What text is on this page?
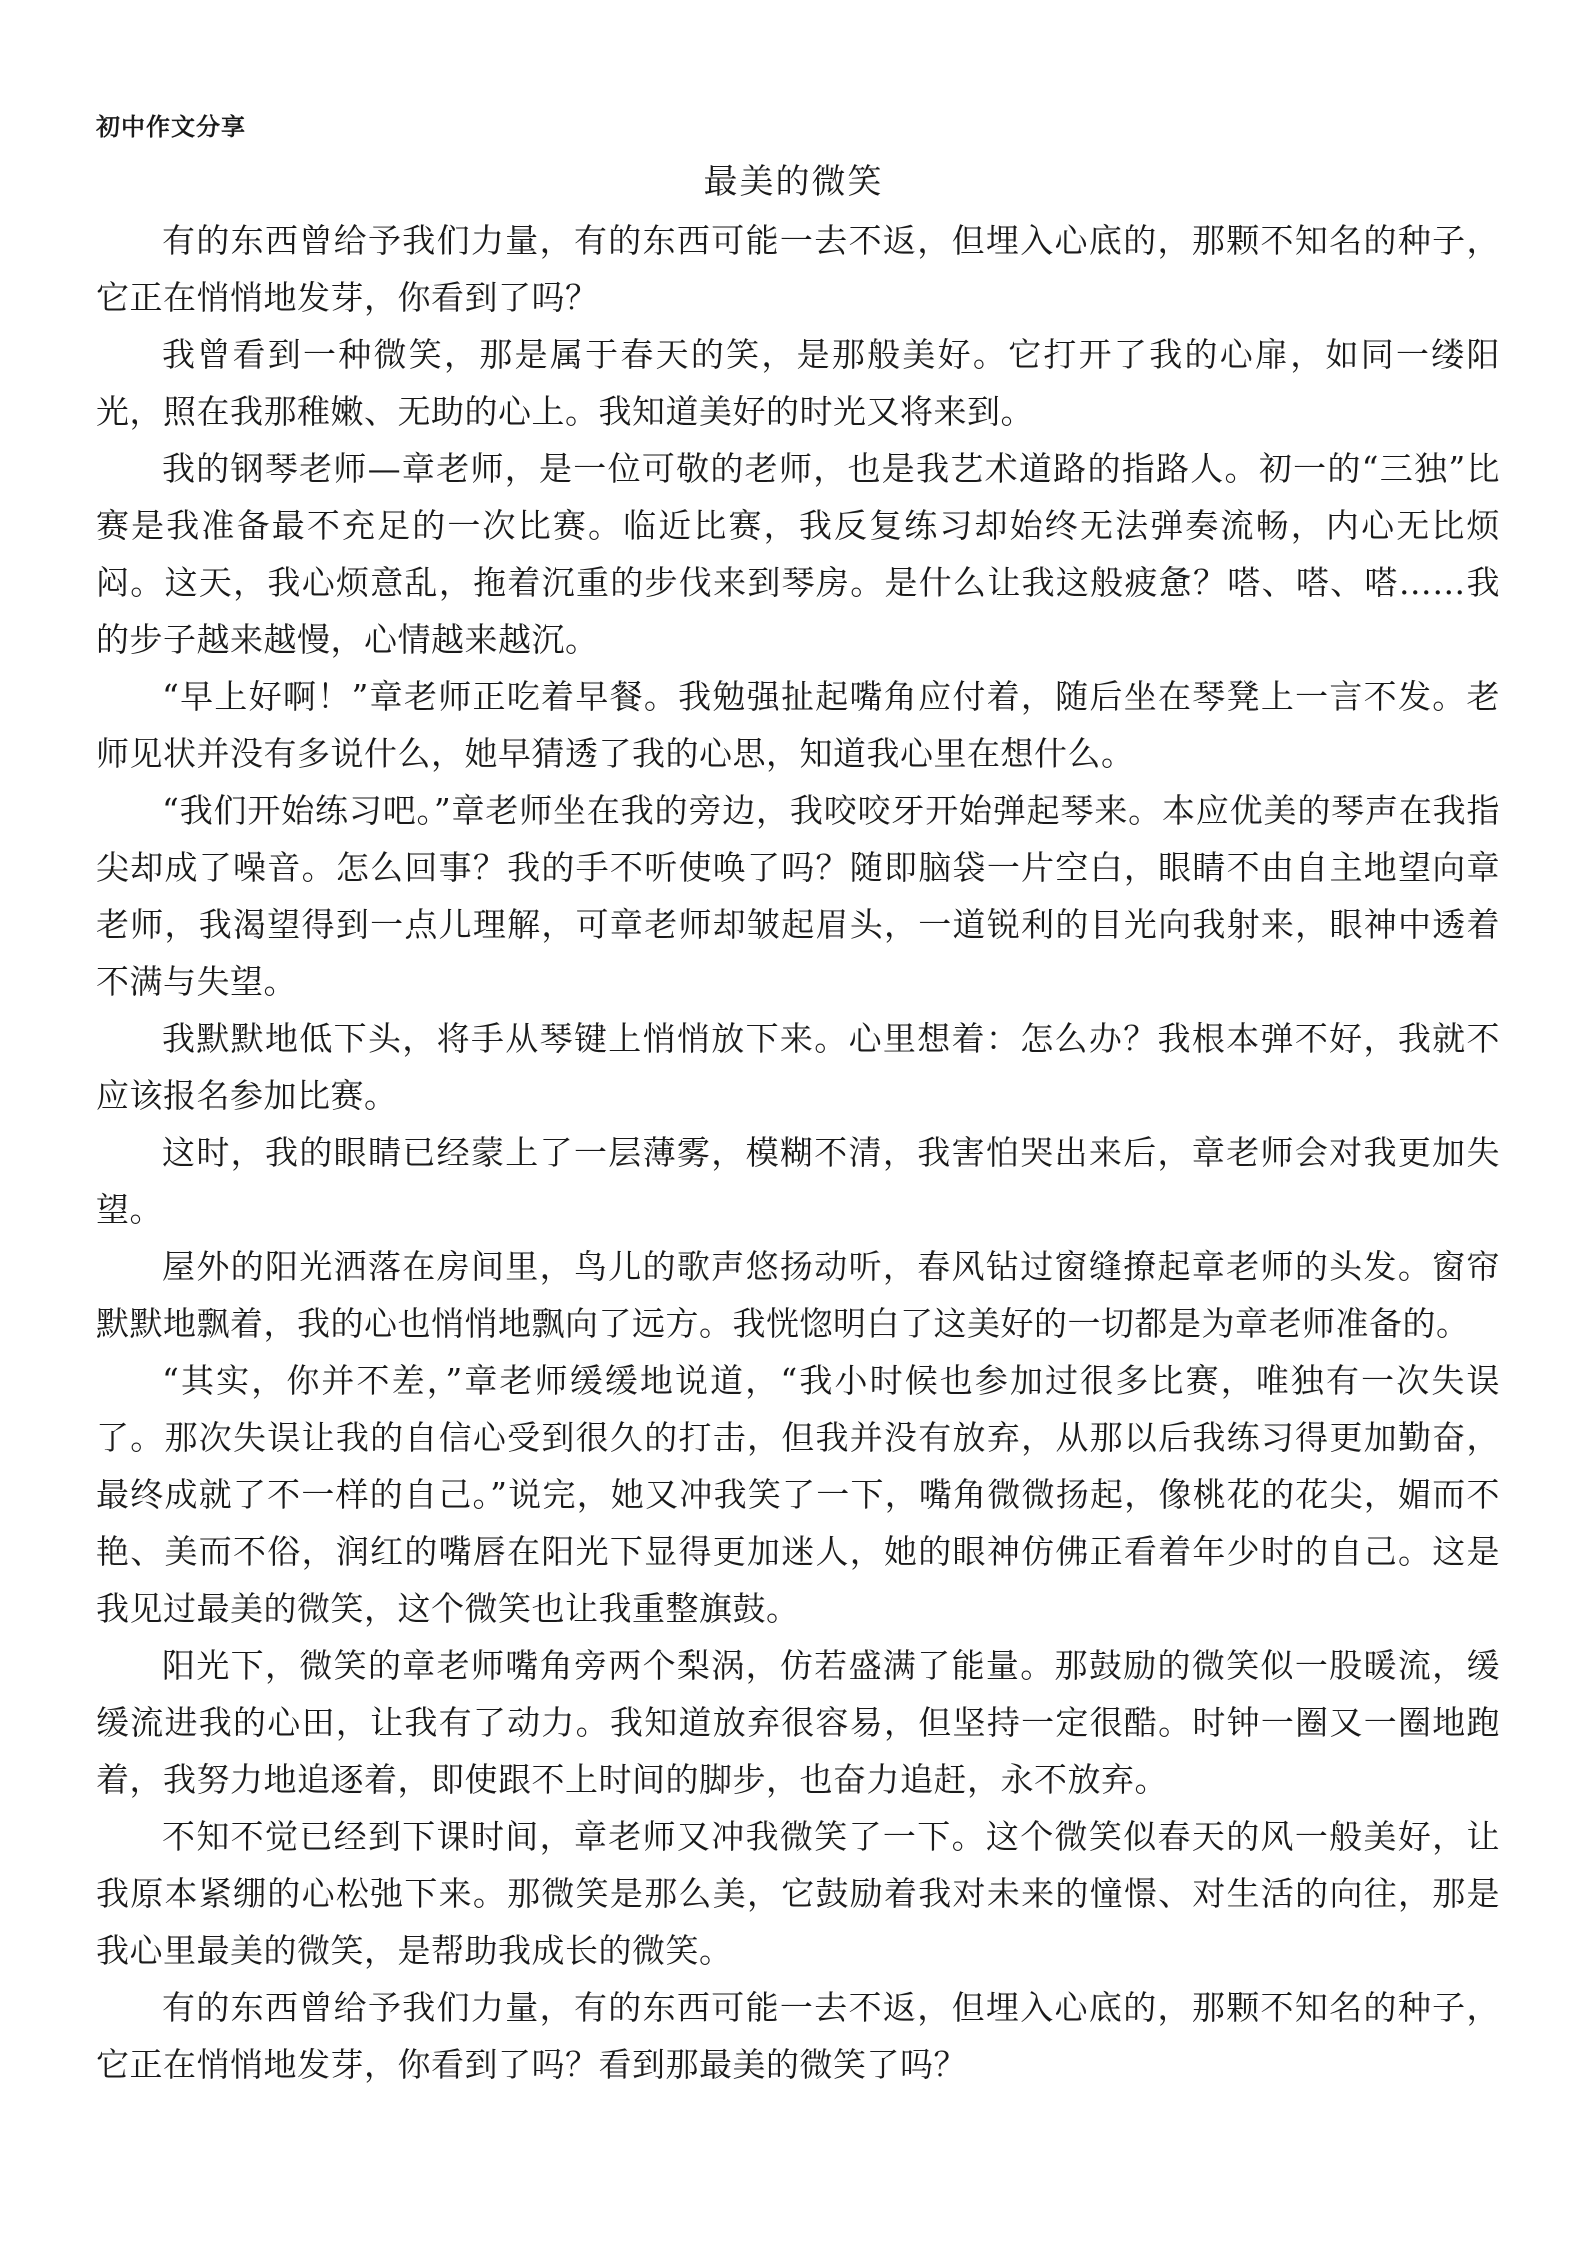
初中作文分享
最美的微笑

有的东西曾给予我们力量，有的东西可能一去不返，但埋入心底的，那颗不知名的种子，它正在悄悄地发芽，你看到了吗？

我曾看到一种微笑，那是属于春天的笑，是那般美好。它打开了我的心扉，如同一缕阳光，照在我那稚嫩、无助的心上。我知道美好的时光又将来到。

我的钢琴老师—章老师，是一位可敬的老师，也是我艺术道路的指路人。初一的“三独”比赛是我准备最不充足的一次比赛。临近比赛，我反复练习却始终无法弹奏流畅，内心无比烦闷。这天，我心烦意乱，拖着沉重的步伐来到琴房。是什么让我这般疲惫？嗒、嗒、嗒……我的步子越来越慢，心情越来越沉。

“早上好啊！”章老师正吃着早餐。我勉强扯起嘴角应付着，随后坐在琴凳上一言不发。老师见状并没有多说什么，她早猜透了我的心思，知道我心里在想什么。

“我们开始练习吧。”章老师坐在我的旁边，我咬咬牙开始弹起琴来。本应优美的琴声在我指尖却成了噪音。怎么回事？我的手不听使唤了吗？随即脑袋一片空白，眼睛不由自主地望向章老师，我渴望得到一点儿理解，可章老师却皱起眉头，一道锐利的目光向我射来，眼神中透着不满与失望。

我默默地低下头，将手从琴键上悄悄放下来。心里想着：怎么办？我根本弹不好，我就不应该报名参加比赛。

这时，我的眼睛已经蒙上了一层薄雾，模糊不清，我害怕哭出来后，章老师会对我更加失望。

屋外的阳光洒落在房间里，鸟儿的歌声悠扬动听，春风钻过窗缝撩起章老师的头发。窗帘默默地飘着，我的心也悄悄地飘向了远方。我恍惚明白了这美好的一切都是为章老师准备的。

“其实，你并不差，”章老师缓缓地说道，“我小时候也参加过很多比赛，唯独有一次失误了。那次失误让我的自信心受到很久的打击，但我并没有放弃，从那以后我练习得更加勤奋，最终成就了不一样的自己。”说完，她又冲我笑了一下，嘴角微微扬起，像桃花的花尖，媚而不艳、美而不俗，润红的嘴唇在阳光下显得更加迷人，她的眼神仿佛正看着年少时的自己。这是我见过最美的微笑，这个微笑也让我重整旗鼓。

阳光下，微笑的章老师嘴角旁两个梨涡，仿若盛满了能量。那鼓励的微笑似一股暖流，缓缓流进我的心田，让我有了动力。我知道放弃很容易，但坚持一定很酷。时钟一圈又一圈地跑着，我努力地追逐着，即使跟不上时间的脚步，也奋力追赶，永不放弃。

不知不觉已经到下课时间，章老师又冲我微笑了一下。这个微笑似春天的风一般美好，让我原本紧绷的心松弛下来。那微笑是那么美，它鼓励着我对未来的憧憬、对生活的向往，那是我心里最美的微笑，是帮助我成长的微笑。

有的东西曾给予我们力量，有的东西可能一去不返，但埋入心底的，那颗不知名的种子，它正在悄悄地发芽，你看到了吗？看到那最美的微笑了吗？
